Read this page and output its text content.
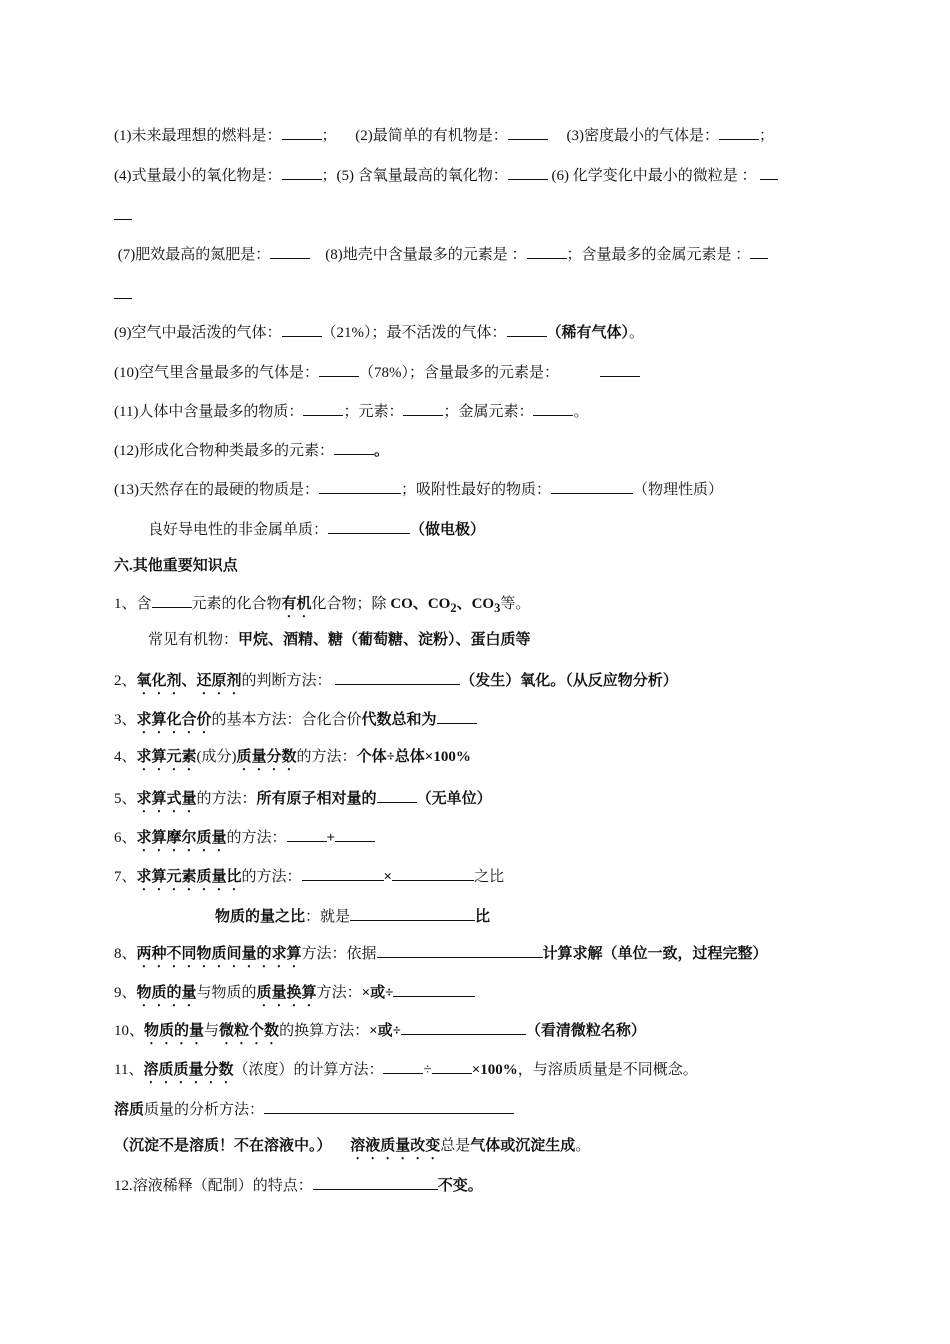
(1)未来最理想的燃料是：	； (2)最简单的有机物是：	(3)密度最小的气体是：	；
(4)式量最小的氧化物是：	；(5) 含氧量最高的氧化物：	(6) 化学变化中最小的微粒是 ：
(7)肥效最高的氮肥是：	(8)地壳中含量最多的元素是 ：	；含量最多的金属元素是 ：
(9)空气中最活泼的气体：	（21%）；最不活泼的气体：	（稀有气体）。
(10)空气里含量最多的气体是：	（78%）；含量最多的元素是：
(11)人体中含量最多的物质：	；元素：	；金属元素：	。
(12)形成化合物种类最多的元素：	。
(13)天然存在的最硬的物质是：	；吸附性最好的物质：	（物理性质）
良好导电性的非金属单质：	（做电极）
六.其他重要知识点
1、含	元素的化合物有机化合物；除 CO、$CO_2$、$CO_3$等。
常见有机物：甲烷、酒精、糖（葡萄糖、淀粉）、蛋白质等
2、氧化剂、还原剂的判断方法：	（发生）氧化。（从反应物分析）
3、求算化合价的基本方法：合化合价代数总和为
4、求算元素(成分)质量分数的方法：个体÷总体×100%
5、求算式量的方法：所有原子相对量的	（无单位）
6、求算摩尔质量的方法：	+
7、求算元素质量比的方法：	×	之比
物质的量之比：就是	比
8、两种不同物质间量的求算方法：依据	计算求解（单位一致，过程完整）
9、物质的量与物质的质量换算方法：×或÷
10、物质的量与微粒个数的换算方法：×或÷	（看清微粒名称）
11、溶质质量分数（浓度）的计算方法：	÷	×100%，与溶质质量是不同概念。
溶质质量的分析方法：
（沉淀不是溶质！不在溶液中。） 溶液质量改变总是气体或沉淀生成。
12.溶液稀释（配制）的特点：	不变。
